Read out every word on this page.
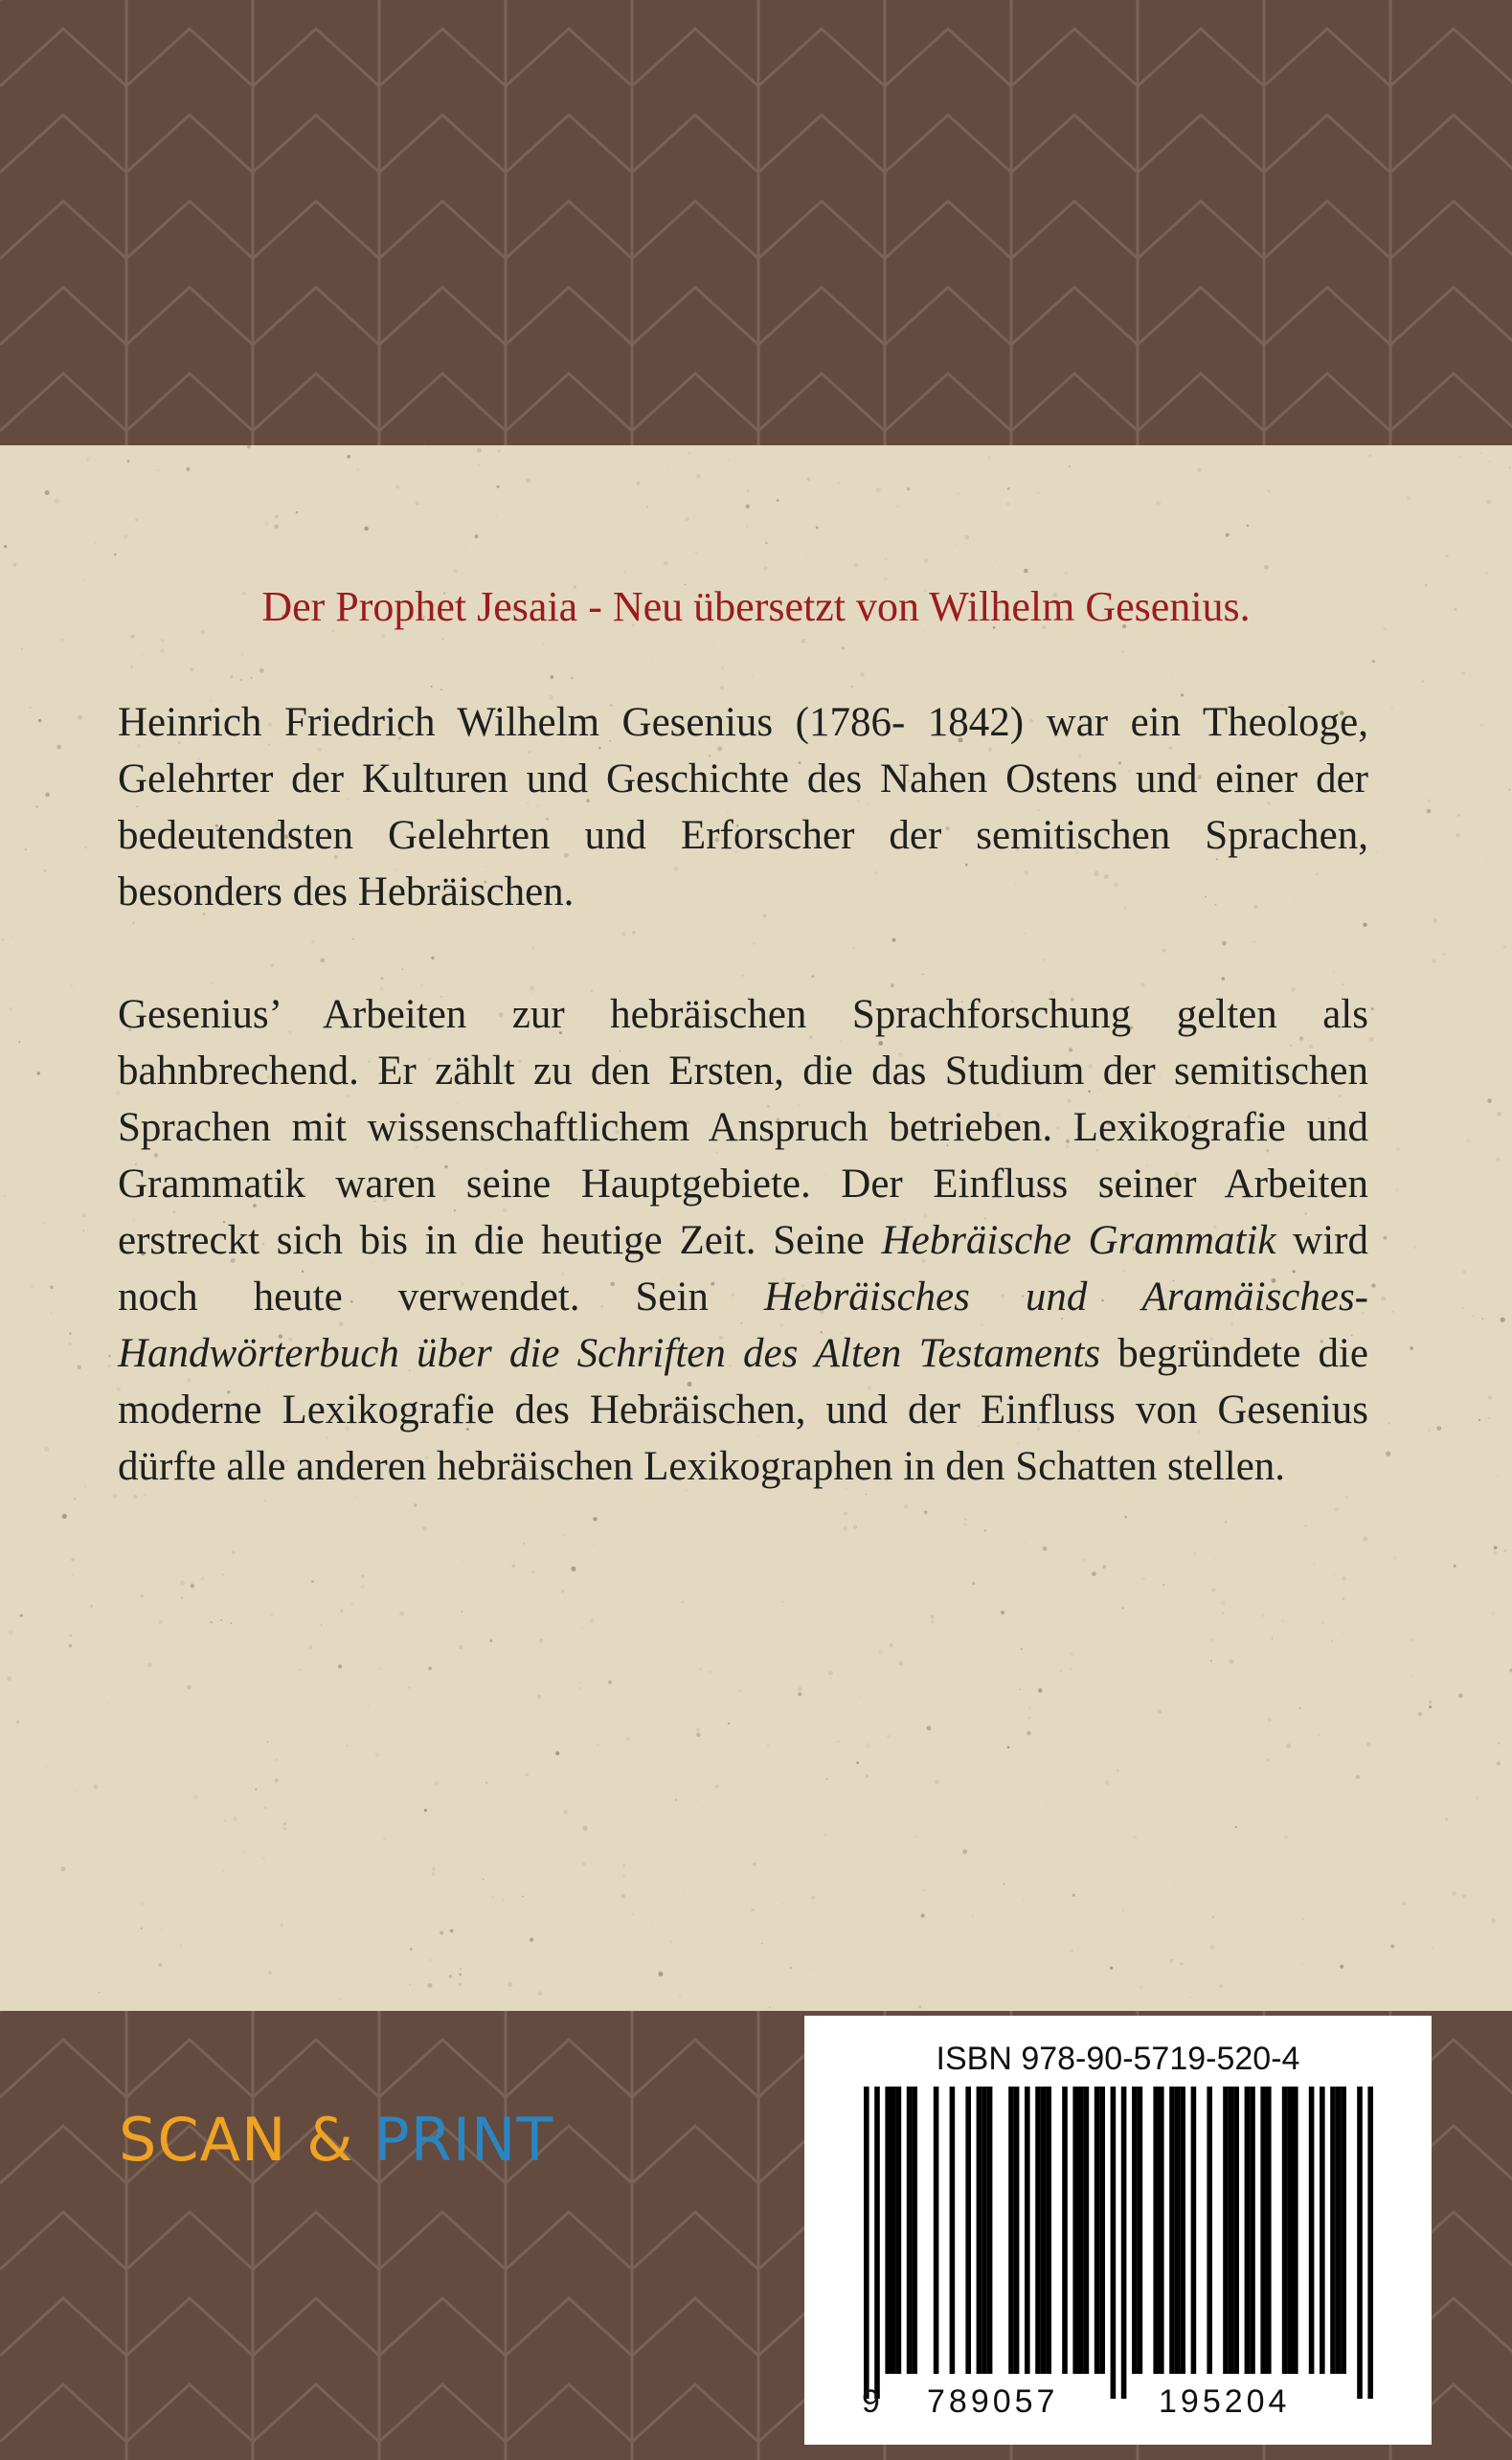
Der Prophet Jesaia - Neu übersetzt von Wilhelm Gesenius.

Heinrich Friedrich Wilhelm Gesenius (1786- 1842) war ein Theologe, Gelehrter der Kulturen und Geschichte des Nahen Ostens und einer der bedeutendsten Gelehrten und Erforscher der semitischen Sprachen, besonders des Hebräischen.

Gesenius’ Arbeiten zur hebräischen Sprachforschung gelten als bahnbrechend. Er zählt zu den Ersten, die das Studium der semitischen Sprachen mit wissenschaftlichem Anspruch betrieben. Lexikografie und Grammatik waren seine Hauptgebiete. Der Einfluss seiner Arbeiten erstreckt sich bis in die heutige Zeit. Seine Hebräische Grammatik wird noch heute verwendet. Sein Hebräisches und Aramäisches-Handwörterbuch über die Schriften des Alten Testaments begründete die moderne Lexikografie des Hebräischen, und der Einfluss von Gesenius dürfte alle anderen hebräischen Lexikographen in den Schatten stellen.

SCAN & PRINT

ISBN 978-90-5719-520-4

9 789057	195204
